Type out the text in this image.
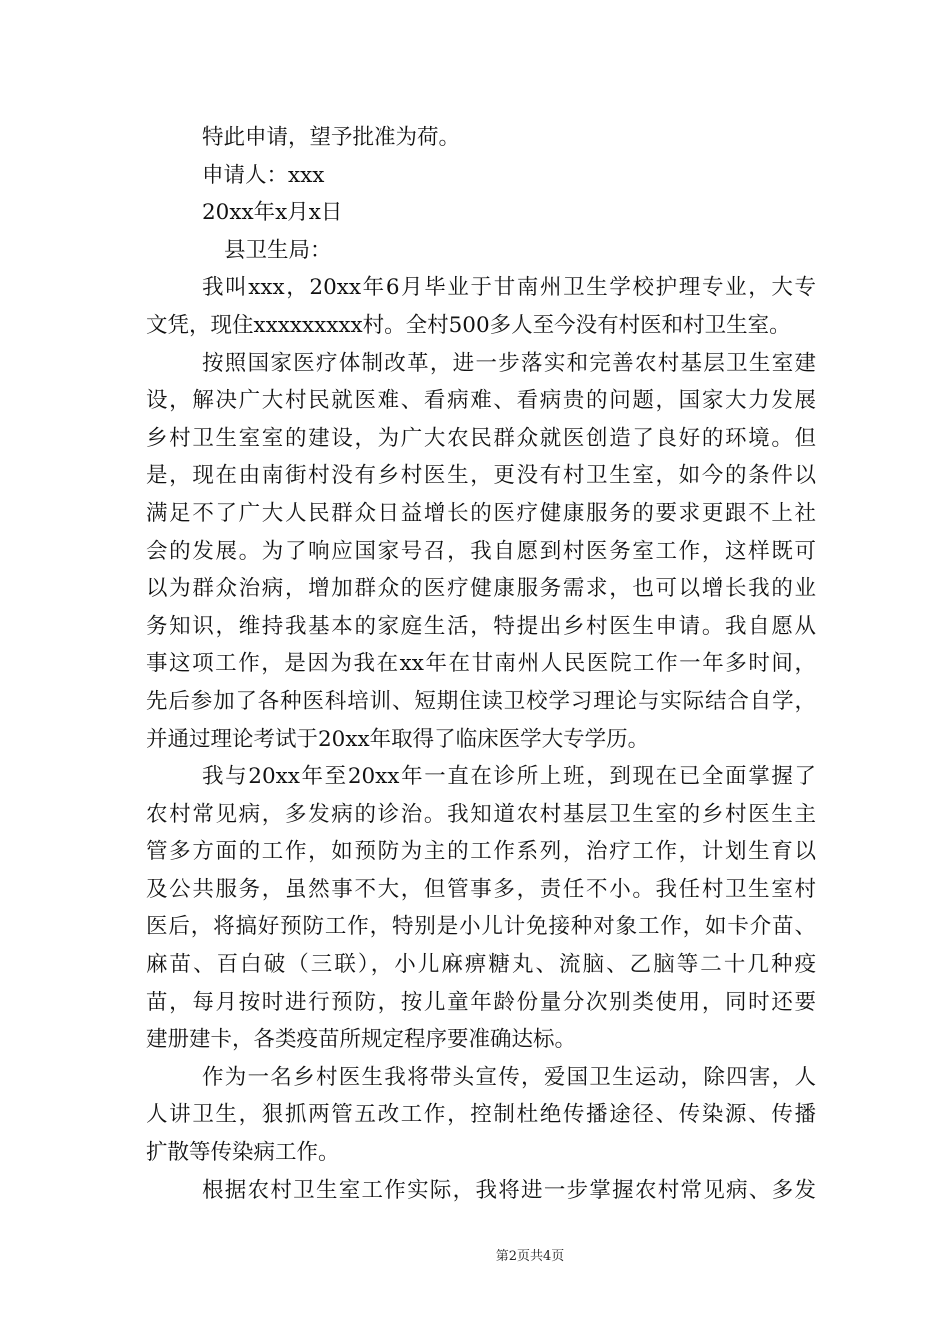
特此申请，望予批准为荷。

申请人：xxx

20xx年x月x日

县卫生局：

我叫xxx，20xx年6月毕业于甘南州卫生学校护理专业，大专

文凭，现住xxxxxxxxx村。全村500多人至今没有村医和村卫生室。

按照国家医疗体制改革，进一步落实和完善农村基层卫生室建

设，解决广大村民就医难、看病难、看病贵的问题，国家大力发展

乡村卫生室室的建设，为广大农民群众就医创造了良好的环境。但

是，现在由南街村没有乡村医生，更没有村卫生室，如今的条件以

满足不了广大人民群众日益增长的医疗健康服务的要求更跟不上社

会的发展。为了响应国家号召，我自愿到村医务室工作，这样既可

以为群众治病，增加群众的医疗健康服务需求，也可以增长我的业

务知识，维持我基本的家庭生活，特提出乡村医生申请。我自愿从

事这项工作，是因为我在xx年在甘南州人民医院工作一年多时间，

先后参加了各种医科培训、短期住读卫校学习理论与实际结合自学，

并通过理论考试于20xx年取得了临床医学大专学历。

我与20xx年至20xx年一直在诊所上班，到现在已全面掌握了

农村常见病，多发病的诊治。我知道农村基层卫生室的乡村医生主

管多方面的工作，如预防为主的工作系列，治疗工作，计划生育以

及公共服务，虽然事不大，但管事多，责任不小。我任村卫生室村

医后，将搞好预防工作，特别是小儿计免接种对象工作，如卡介苗、

麻苗、百白破（三联），小儿麻痹糖丸、流脑、乙脑等二十几种疫

苗，每月按时进行预防，按儿童年龄份量分次别类使用，同时还要

建册建卡，各类疫苗所规定程序要准确达标。

作为一名乡村医生我将带头宣传，爱国卫生运动，除四害，人

人讲卫生，狠抓两管五改工作，控制杜绝传播途径、传染源、传播

扩散等传染病工作。

根据农村卫生室工作实际，我将进一步掌握农村常见病、多发

第2页共4页
